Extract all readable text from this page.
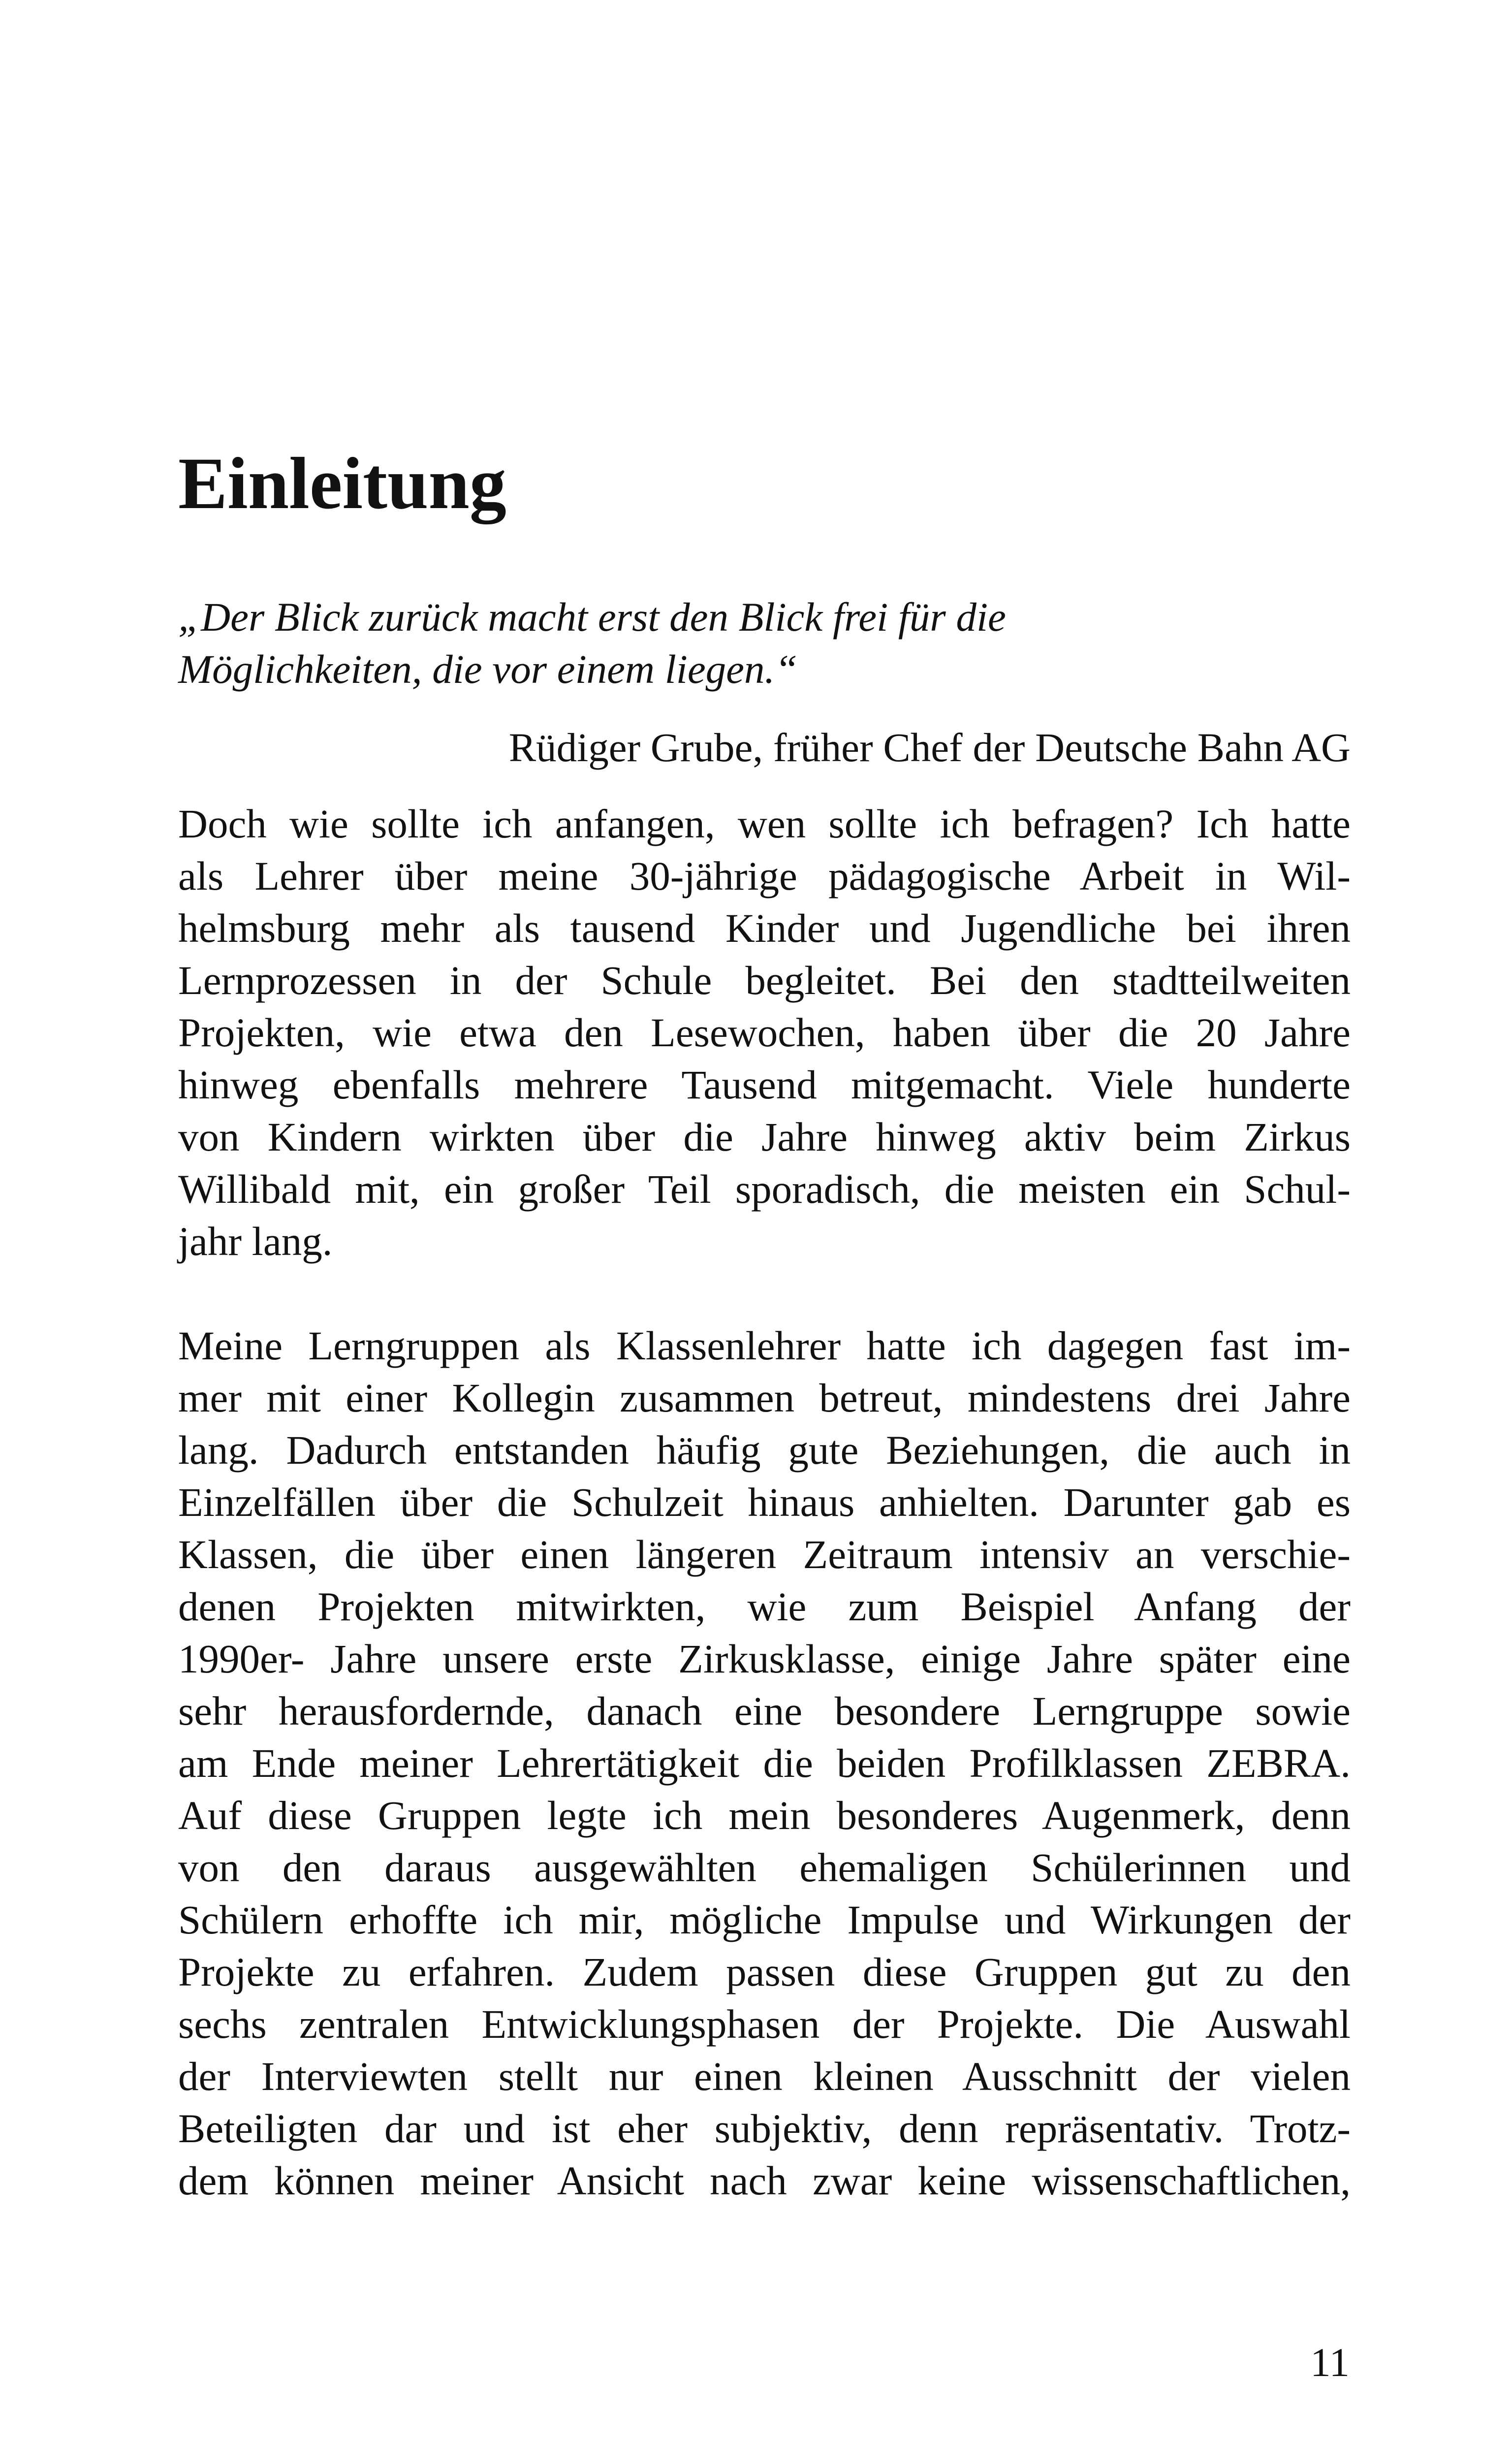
Einleitung
„Der Blick zurück macht erst den Blick frei für die
Möglichkeiten, die vor einem liegen.“

Rüdiger Grube, früher Chef der Deutsche Bahn AG

Doch wie sollte ich anfangen, wen sollte ich befragen? Ich hatte
als Lehrer über meine 30-jährige pädagogische Arbeit in Wil-
helmsburg mehr als tausend Kinder und Jugendliche bei ihren
Lernprozessen in der Schule begleitet. Bei den stadtteilweiten
Projekten, wie etwa den Lesewochen, haben über die 20 Jahre
hinweg ebenfalls mehrere Tausend mitgemacht. Viele hunderte
von Kindern wirkten über die Jahre hinweg aktiv beim Zirkus
Willibald mit, ein großer Teil sporadisch, die meisten ein Schul-
jahr lang.
Meine Lerngruppen als Klassenlehrer hatte ich dagegen fast im-
mer mit einer Kollegin zusammen betreut, mindestens drei Jahre
lang. Dadurch entstanden häufig gute Beziehungen, die auch in
Einzelfällen über die Schulzeit hinaus anhielten. Darunter gab es
Klassen, die über einen längeren Zeitraum intensiv an verschie-
denen Projekten mitwirkten, wie zum Beispiel Anfang der
1990er- Jahre unsere erste Zirkusklasse, einige Jahre später eine
sehr herausfordernde, danach eine besondere Lerngruppe sowie
am Ende meiner Lehrertätigkeit die beiden Profilklassen ZEBRA.
Auf diese Gruppen legte ich mein besonderes Augenmerk, denn
von den daraus ausgewählten ehemaligen Schülerinnen und
Schülern erhoffte ich mir, mögliche Impulse und Wirkungen der
Projekte zu erfahren. Zudem passen diese Gruppen gut zu den
sechs zentralen Entwicklungsphasen der Projekte. Die Auswahl
der Interviewten stellt nur einen kleinen Ausschnitt der vielen
Beteiligten dar und ist eher subjektiv, denn repräsentativ. Trotz-
dem können meiner Ansicht nach zwar keine wissenschaftlichen,

11
